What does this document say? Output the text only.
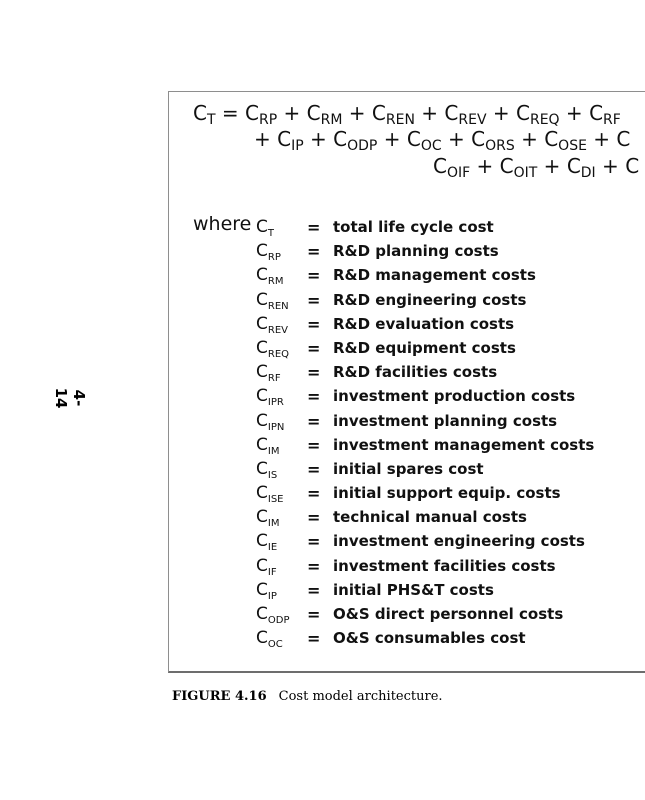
4-14
$C_T = C_{RP} + C_{RM} + C_{REN} + C_{REV} + C_{REQ} + C_{RF}$
+ $C_{IP} + C_{ODP} + C_{OC} + C_{ORS} + C_{OSE} + C$
$C_{OIF} + C_{OIT} + C_{DI} + C$
where $C_T$ = total life cycle cost
$C_{RP}$ = R&D planning costs
$C_{RM}$ = R&D management costs
$C_{REN}$ = R&D engineering costs
$C_{REV}$ = R&D evaluation costs
$C_{REQ}$ = R&D equipment costs
$C_{RF}$ = R&D facilities costs
$C_{IPR}$ = investment production costs
$C_{IPN}$ = investment planning costs
$C_{IM}$ = investment management costs
$C_{IS}$ = initial spares cost
$C_{ISE}$ = initial support equip. costs
$C_{IM}$ = technical manual costs
$C_{IE}$ = investment engineering costs
$C_{IF}$ = investment facilities costs
$C_{IP}$ = initial PHS&T costs
$C_{ODP}$ = O&S direct personnel costs
$C_{OC}$ = O&S consumables cost
FIGURE 4.16 Cost model architecture.
